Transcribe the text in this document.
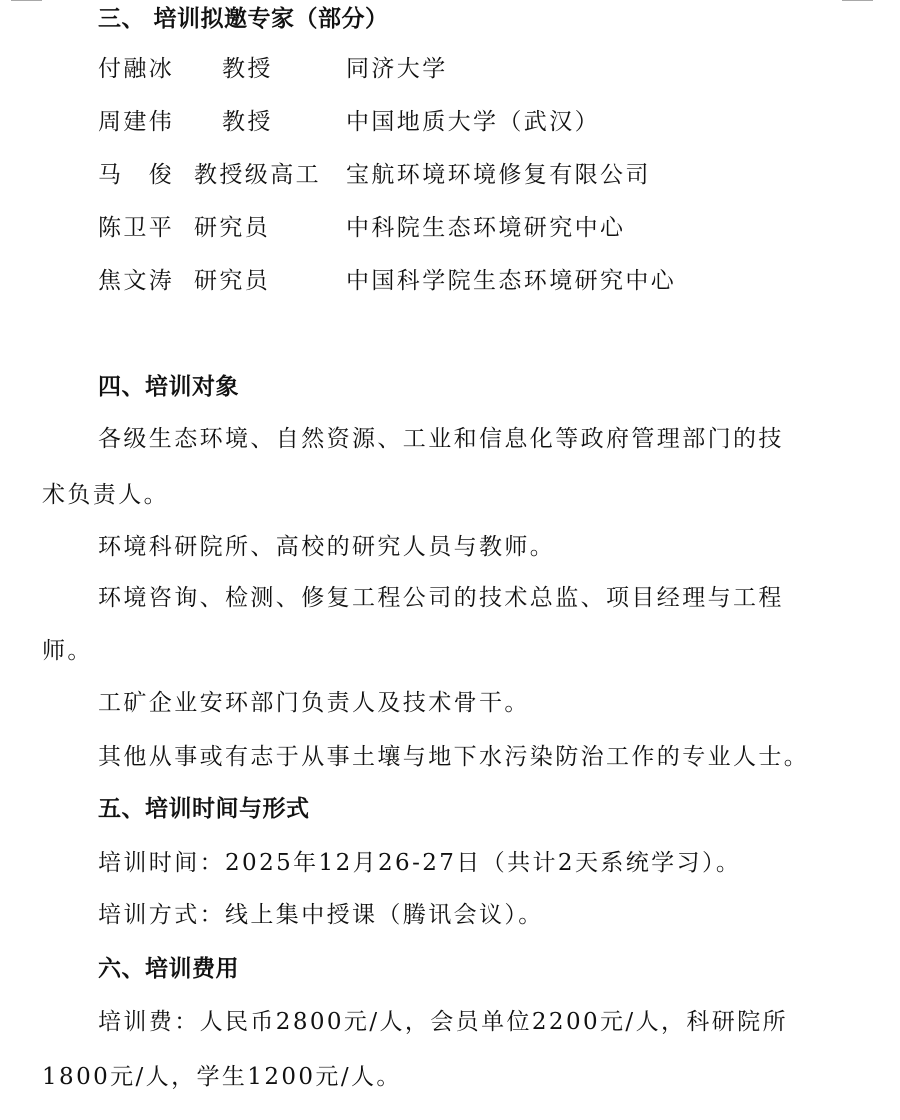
三、 培训拟邀专家（部分）
付融冰 教授	同济大学
周建伟 教授	中国地质大学（武汉）
马　俊 教授级高工 宝航环境环境修复有限公司
陈卫平 研究员	中科院生态环境研究中心
焦文涛 研究员	中国科学院生态环境研究中心
四、培训对象
各级生态环境、自然资源、工业和信息化等政府管理部门的技
术负责人。
环境科研院所、高校的研究人员与教师。
环境咨询、检测、修复工程公司的技术总监、项目经理与工程
师。
工矿企业安环部门负责人及技术骨干。
其他从事或有志于从事土壤与地下水污染防治工作的专业人士。
五、培训时间与形式
培训时间：2025年12月26-27日（共计2天系统学习）。
培训方式：线上集中授课（腾讯会议）。
六、培训费用
培训费：人民币2800元/人，会员单位2200元/人，科研院所
1800元/人，学生1200元/人。
